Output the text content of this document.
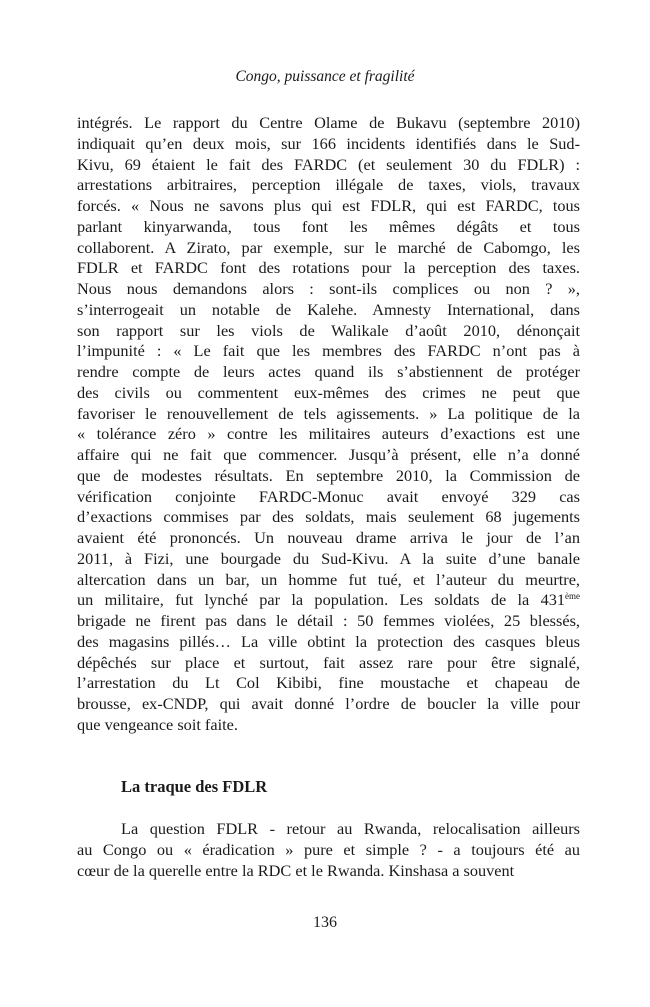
Congo, puissance et fragilité
intégrés. Le rapport du Centre Olame de Bukavu (septembre 2010)
indiquait qu’en deux mois, sur 166 incidents identifiés dans le Sud-
Kivu, 69 étaient le fait des FARDC (et seulement 30 du FDLR) :
arrestations arbitraires, perception illégale de taxes, viols, travaux
forcés. « Nous ne savons plus qui est FDLR, qui est FARDC, tous
parlant kinyarwanda, tous font les mêmes dégâts et tous
collaborent. A Zirato, par exemple, sur le marché de Cabomgo, les
FDLR et FARDC font des rotations pour la perception des taxes.
Nous nous demandons alors : sont-ils complices ou non ? »,
s’interrogeait un notable de Kalehe. Amnesty International, dans
son rapport sur les viols de Walikale d’août 2010, dénonçait
l’impunité : « Le fait que les membres des FARDC n’ont pas à
rendre compte de leurs actes quand ils s’abstiennent de protéger
des civils ou commentent eux-mêmes des crimes ne peut que
favoriser le renouvellement de tels agissements. » La politique de la
« tolérance zéro » contre les militaires auteurs d’exactions est une
affaire qui ne fait que commencer. Jusqu’à présent, elle n’a donné
que de modestes résultats. En septembre 2010, la Commission de
vérification conjointe FARDC-Monuc avait envoyé 329 cas
d’exactions commises par des soldats, mais seulement 68 jugements
avaient été prononcés. Un nouveau drame arriva le jour de l’an
2011, à Fizi, une bourgade du Sud-Kivu. A la suite d’une banale
altercation dans un bar, un homme fut tué, et l’auteur du meurtre,
un militaire, fut lynché par la population. Les soldats de la 431ème
brigade ne firent pas dans le détail : 50 femmes violées, 25 blessés,
des magasins pillés… La ville obtint la protection des casques bleus
dépêchés sur place et surtout, fait assez rare pour être signalé,
l’arrestation du Lt Col Kibibi, fine moustache et chapeau de
brousse, ex-CNDP, qui avait donné l’ordre de boucler la ville pour
que vengeance soit faite.
La traque des FDLR
La question FDLR - retour au Rwanda, relocalisation ailleurs
au Congo ou « éradication » pure et simple ? - a toujours été au
cœur de la querelle entre la RDC et le Rwanda. Kinshasa a souvent
136
